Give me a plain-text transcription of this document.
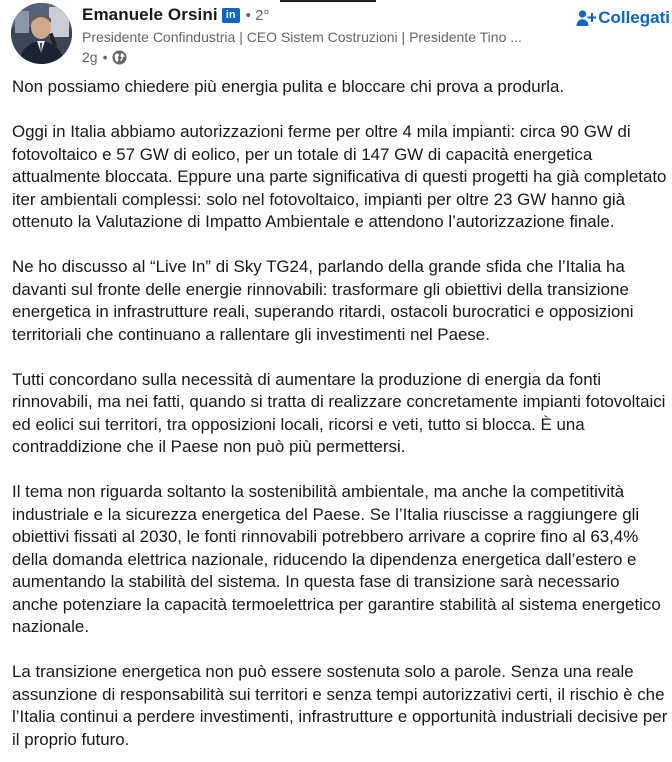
Emanuele Orsini in • 2°
Presidente Confindustria | CEO Sistem Costruzioni | Presidente Tino ...
2g •
Collegati

Non possiamo chiedere più energia pulita e bloccare chi prova a produrla.

Oggi in Italia abbiamo autorizzazioni ferme per oltre 4 mila impianti: circa 90 GW di fotovoltaico e 57 GW di eolico, per un totale di 147 GW di capacità energetica attualmente bloccata. Eppure una parte significativa di questi progetti ha già completato iter ambientali complessi: solo nel fotovoltaico, impianti per oltre 23 GW hanno già ottenuto la Valutazione di Impatto Ambientale e attendono l’autorizzazione finale.

Ne ho discusso al “Live In” di Sky TG24, parlando della grande sfida che l’Italia ha davanti sul fronte delle energie rinnovabili: trasformare gli obiettivi della transizione energetica in infrastrutture reali, superando ritardi, ostacoli burocratici e opposizioni territoriali che continuano a rallentare gli investimenti nel Paese.

Tutti concordano sulla necessità di aumentare la produzione di energia da fonti rinnovabili, ma nei fatti, quando si tratta di realizzare concretamente impianti fotovoltaici ed eolici sui territori, tra opposizioni locali, ricorsi e veti, tutto si blocca. È una contraddizione che il Paese non può più permettersi.

Il tema non riguarda soltanto la sostenibilità ambientale, ma anche la competitività industriale e la sicurezza energetica del Paese. Se l’Italia riuscisse a raggiungere gli obiettivi fissati al 2030, le fonti rinnovabili potrebbero arrivare a coprire fino al 63,4% della domanda elettrica nazionale, riducendo la dipendenza energetica dall’estero e aumentando la stabilità del sistema. In questa fase di transizione sarà necessario anche potenziare la capacità termoelettrica per garantire stabilità al sistema energetico nazionale.

La transizione energetica non può essere sostenuta solo a parole. Senza una reale assunzione di responsabilità sui territori e senza tempi autorizzativi certi, il rischio è che l’Italia continui a perdere investimenti, infrastrutture e opportunità industriali decisive per il proprio futuro.
